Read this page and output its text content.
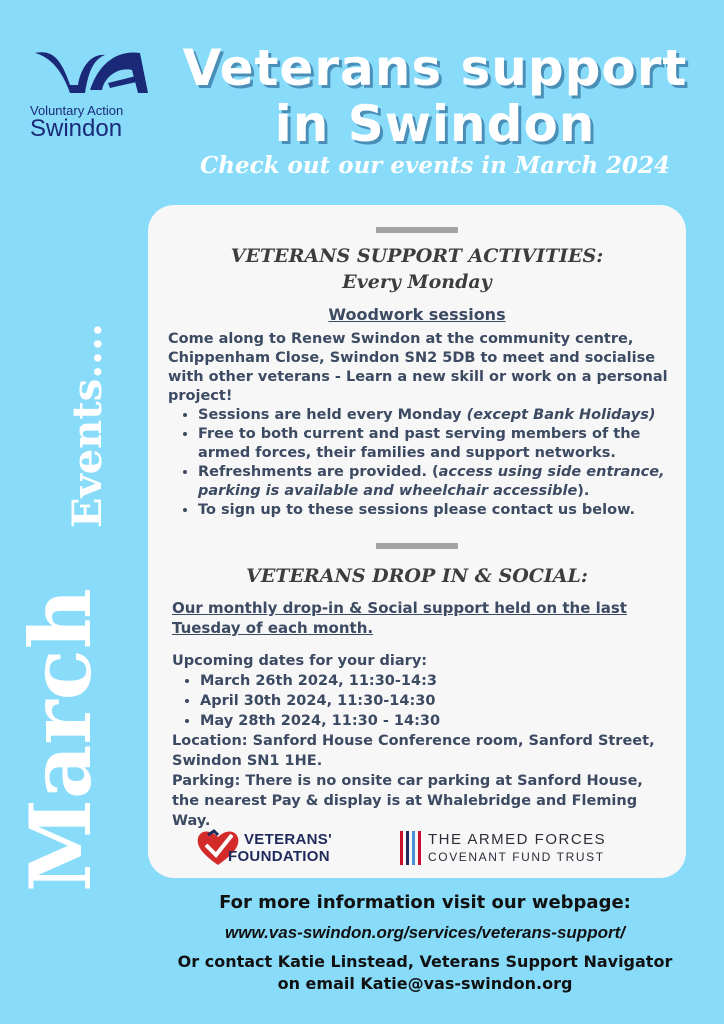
Voluntary Action
Swindon
Veterans support
in Swindon
Check out our events in March 2024
March
Events....
VETERANS SUPPORT ACTIVITIES:
Every Monday
Woodwork sessions
Come along to Renew Swindon at the community centre, Chippenham Close, Swindon SN2 5DB to meet and socialise with other veterans - Learn a new skill or work on a personal project!
• Sessions are held every Monday (except Bank Holidays)
• Free to both current and past serving members of the armed forces, their families and support networks.
• Refreshments are provided. (access using side entrance, parking is available and wheelchair accessible).
• To sign up to these sessions please contact us below.
VETERANS DROP IN & SOCIAL:
Our monthly drop-in & Social support held on the last Tuesday of each month.
Upcoming dates for your diary:
• March 26th 2024, 11:30-14:3
• April 30th 2024, 11:30-14:30
• May 28th 2024, 11:30 - 14:30
Location: Sanford House Conference room, Sanford Street, Swindon SN1 1HE.
Parking: There is no onsite car parking at Sanford House, the nearest Pay & display is at Whalebridge and Fleming Way.
VETERANS'
FOUNDATION
THE ARMED FORCES
COVENANT FUND TRUST
For more information visit our webpage:
www.vas-swindon.org/services/veterans-support/
Or contact Katie Linstead, Veterans Support Navigator
on email Katie@vas-swindon.org
